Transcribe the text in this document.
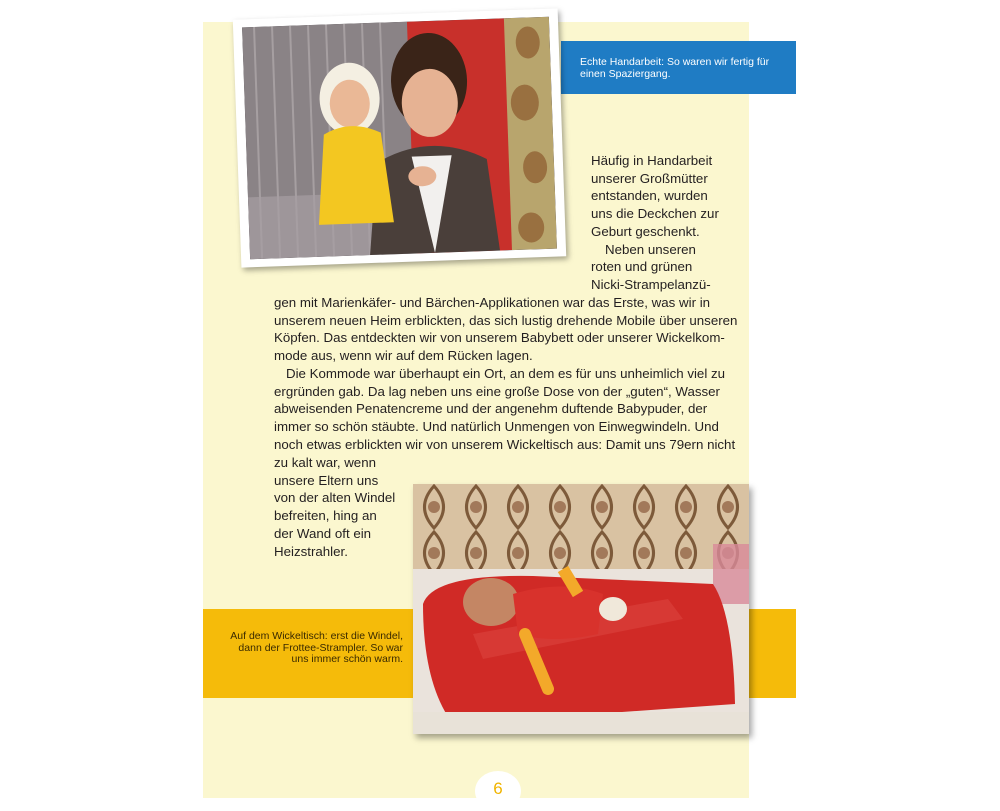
Echte Handarbeit: So waren wir fertig für einen Spaziergang.
Auf dem Wickeltisch: erst die Windel, dann der Frottee-Strampler. So war uns immer schön warm.

Häufig in Handarbeit
unserer Großmütter
entstanden, wurden
uns die Deckchen zur
Geburt geschenkt.
Neben unseren
roten und grünen
Nicki-Strampelanzü-

gen mit Marienkäfer- und Bärchen-Applikationen war das Erste, was wir in
unserem neuen Heim erblickten, das sich lustig drehende Mobile über unseren
Köpfen. Das entdeckten wir von unserem Babybett oder unserer Wickelkom-
mode aus, wenn wir auf dem Rücken lagen.
Die Kommode war überhaupt ein Ort, an dem es für uns unheimlich viel zu
ergründen gab. Da lag neben uns eine große Dose von der „guten“, Wasser
abweisenden Penatencreme und der angenehm duftende Babypuder, der
immer so schön stäubte. Und natürlich Unmengen von Einwegwindeln. Und
noch etwas erblickten wir von unserem Wickeltisch aus: Damit uns 79ern nicht

zu kalt war, wenn
unsere Eltern uns
von der alten Windel
befreiten, hing an
der Wand oft ein
Heizstrahler.

6
